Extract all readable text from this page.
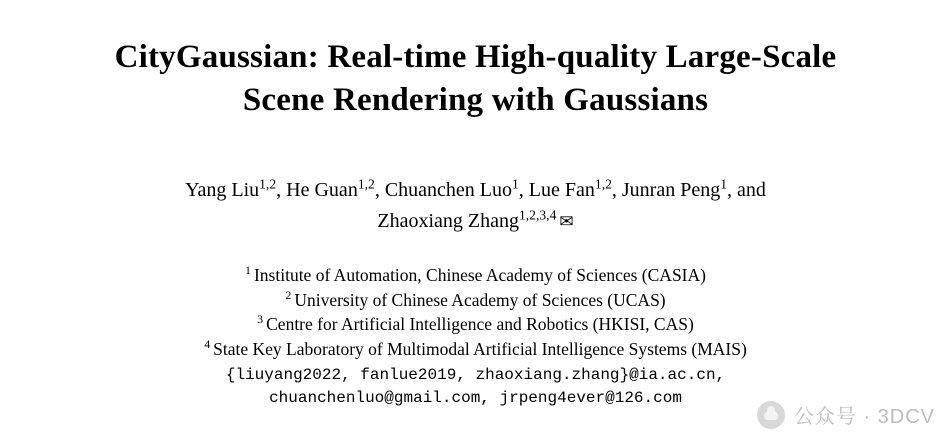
CityGaussian: Real-time High-quality Large-Scale
Scene Rendering with Gaussians
Yang Liu$^{1,2}$, He Guan$^{1,2}$, Chuanchen Luo$^1$, Lue Fan$^{1,2}$, Junran Peng$^1$, and
Zhaoxiang Zhang$^{1,2,3,4}$ ✉
$^1$ Institute of Automation, Chinese Academy of Sciences (CASIA)
$^2$ University of Chinese Academy of Sciences (UCAS)
$^3$ Centre for Artificial Intelligence and Robotics (HKISI, CAS)
$^4$ State Key Laboratory of Multimodal Artificial Intelligence Systems (MAIS)
{liuyang2022, fanlue2019, zhaoxiang.zhang}@ia.ac.cn,
chuanchenluo@gmail.com, jrpeng4ever@126.com
公众号 · 3DCV
